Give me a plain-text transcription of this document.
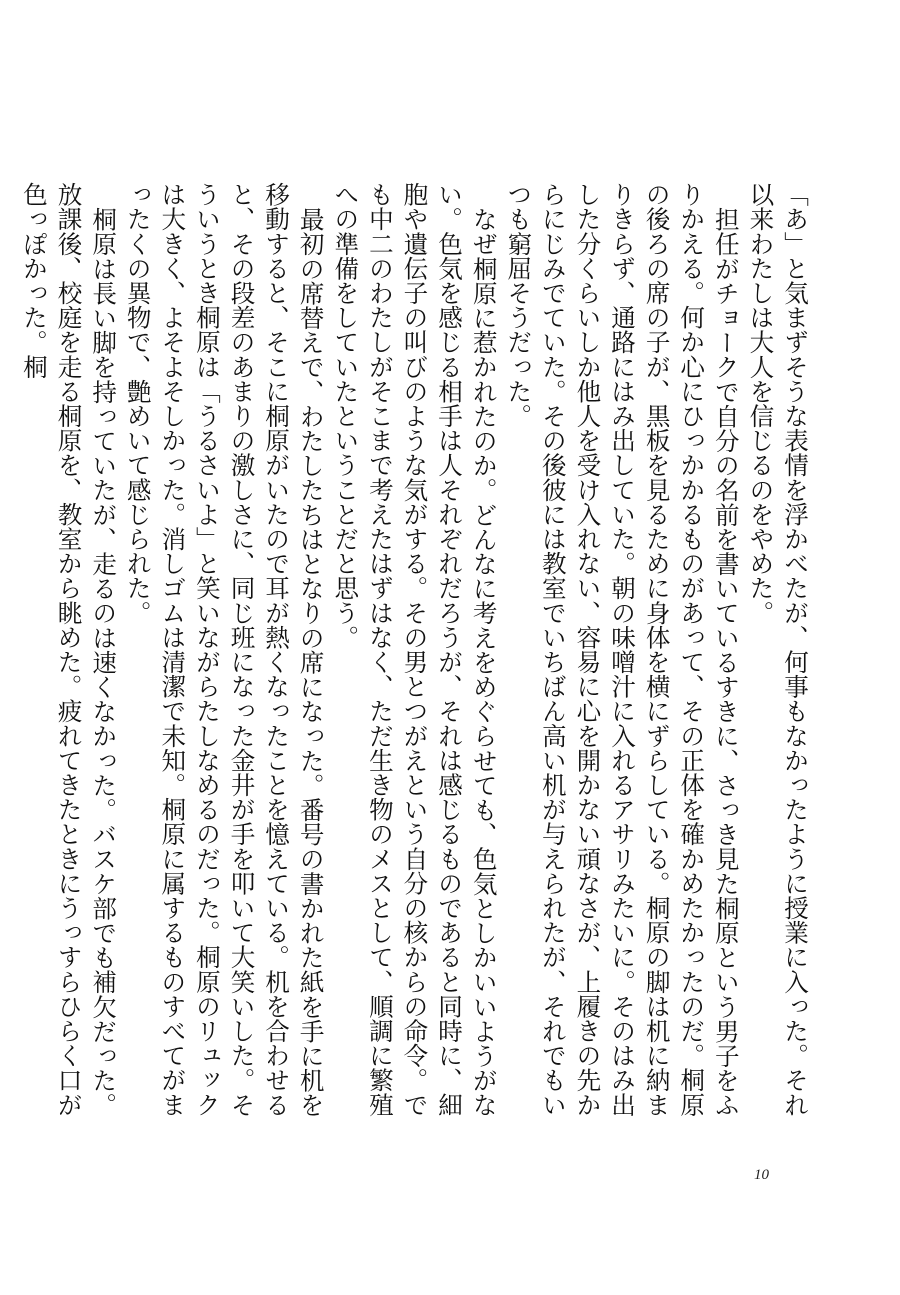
「あ」と気まずそうな表情を浮かべたが、何事もなかったように授業に入った。それ以来わたしは大人を信じるのをやめた。

担任がチョークで自分の名前を書いているすきに、さっき見た桐原という男子をふりかえる。何か心にひっかかるものがあって、その正体を確かめたかったのだ。桐原の後ろの席の子が、黒板を見るために身体を横にずらしている。桐原の脚は机に納まりきらず、通路にはみ出していた。朝の味噌汁に入れるアサリみたいに。そのはみ出した分くらいしか他人を受け入れない、容易に心を開かない頑なさが、上履きの先からにじみでていた。その後彼には教室でいちばん高い机が与えられたが、それでもいつも窮屈そうだった。

なぜ桐原に惹かれたのか。どんなに考えをめぐらせても、色気としかいいようがない。色気を感じる相手は人それぞれだろうが、それは感じるものであると同時に、細胞や遺伝子の叫びのような気がする。その男とつがえという自分の核からの命令。でも中二のわたしがそこまで考えたはずはなく、ただ生き物のメスとして、順調に繁殖への準備をしていたということだと思う。

最初の席替えで、わたしたちはとなりの席になった。番号の書かれた紙を手に机を移動すると、そこに桐原がいたので耳が熱くなったことを憶えている。机を合わせると、その段差のあまりの激しさに、同じ班になった金井が手を叩いて大笑いした。そういうとき桐原は「うるさいよ」と笑いながらたしなめるのだった。桐原のリュックは大きく、よそよそしかった。消しゴムは清潔で未知。桐原に属するものすべてがまったくの異物で、艶めいて感じられた。

桐原は長い脚を持っていたが、走るのは速くなかった。バスケ部でも補欠だった。放課後、校庭を走る桐原を、教室から眺めた。疲れてきたときにうっすらひらく口が色っぽかった。桐

10
